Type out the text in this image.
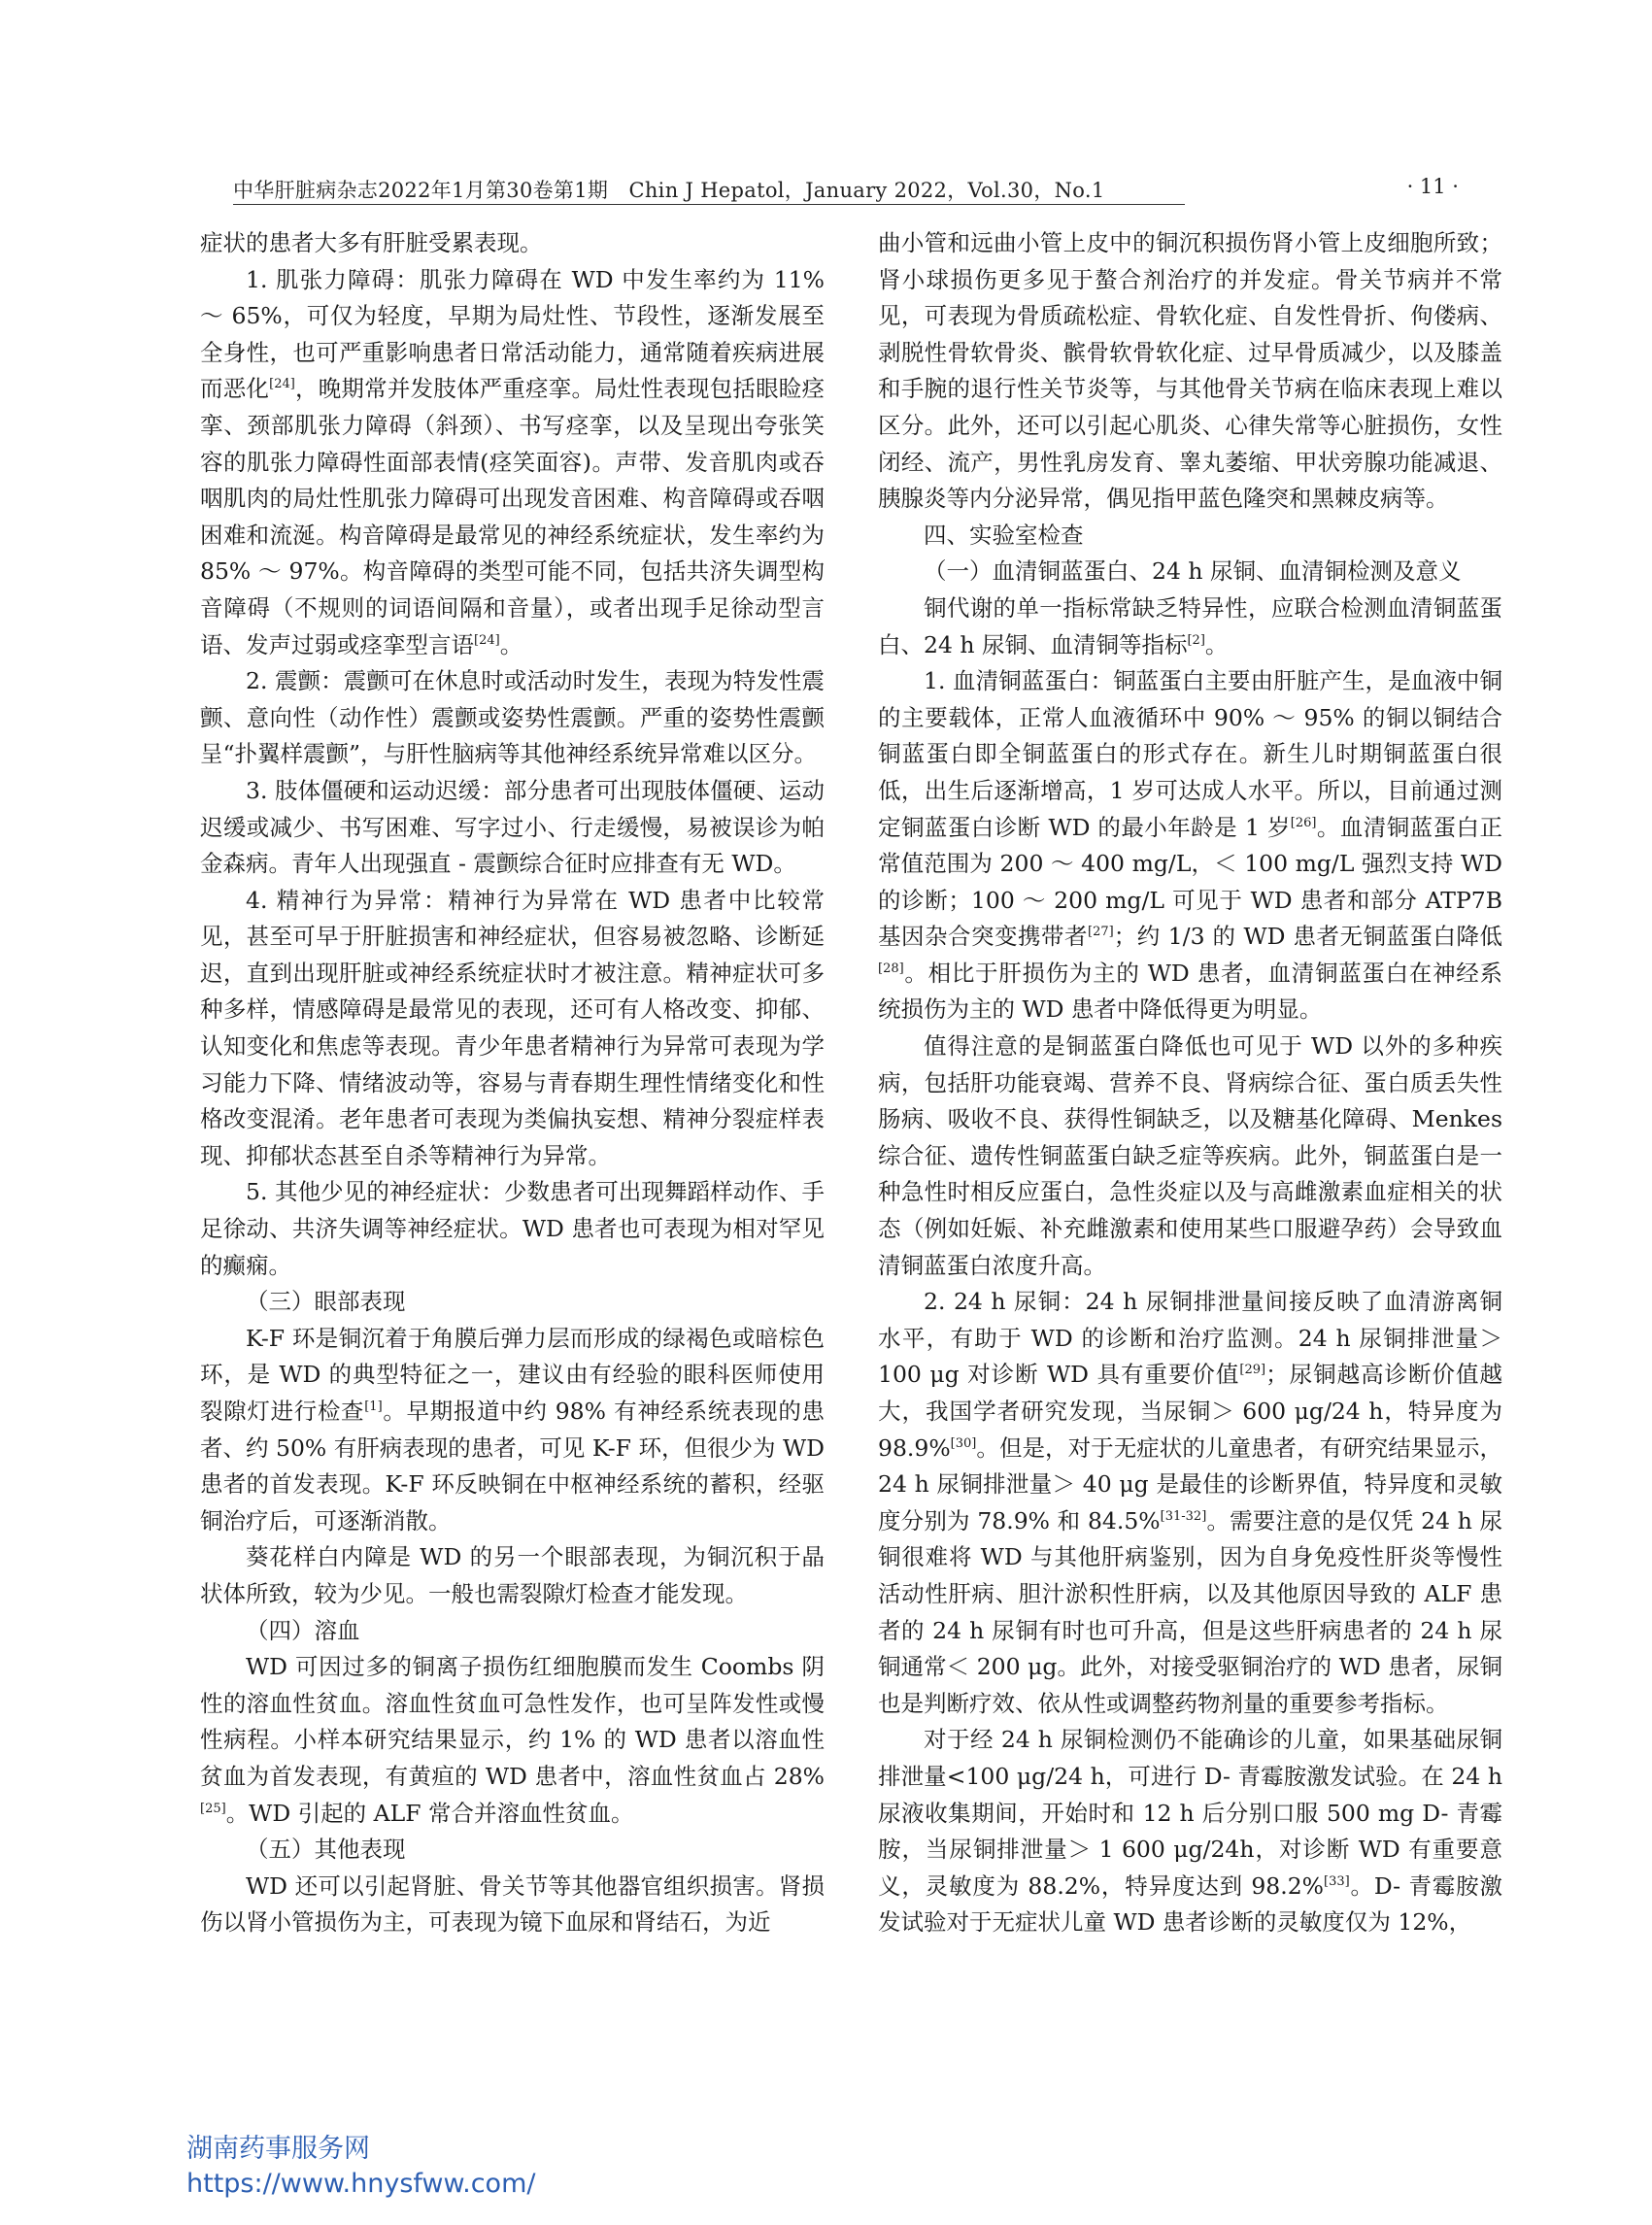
中华肝脏病杂志2022年1月第30卷第1期　Chin J Hepatol，January 2022，Vol.30，No.1	· 11 ·

症状的患者大多有肝脏受累表现。

1. 肌张力障碍：肌张力障碍在 WD 中发生率约为 11% ～ 65%，可仅为轻度，早期为局灶性、节段性，逐渐发展至全身性，也可严重影响患者日常活动能力，通常随着疾病进展而恶化[24]，晚期常并发肢体严重痉挛。局灶性表现包括眼睑痉挛、颈部肌张力障碍（斜颈）、书写痉挛，以及呈现出夸张笑容的肌张力障碍性面部表情(痉笑面容)。声带、发音肌肉或吞咽肌肉的局灶性肌张力障碍可出现发音困难、构音障碍或吞咽困难和流涎。构音障碍是最常见的神经系统症状，发生率约为 85% ～ 97%。构音障碍的类型可能不同，包括共济失调型构音障碍（不规则的词语间隔和音量），或者出现手足徐动型言语、发声过弱或痉挛型言语[24]。

2. 震颤：震颤可在休息时或活动时发生，表现为特发性震颤、意向性（动作性）震颤或姿势性震颤。严重的姿势性震颤呈“扑翼样震颤”，与肝性脑病等其他神经系统异常难以区分。

3. 肢体僵硬和运动迟缓：部分患者可出现肢体僵硬、运动迟缓或减少、书写困难、写字过小、行走缓慢，易被误诊为帕金森病。青年人出现强直 - 震颤综合征时应排查有无 WD。

4. 精神行为异常：精神行为异常在 WD 患者中比较常见，甚至可早于肝脏损害和神经症状，但容易被忽略、诊断延迟，直到出现肝脏或神经系统症状时才被注意。精神症状可多种多样，情感障碍是最常见的表现，还可有人格改变、抑郁、认知变化和焦虑等表现。青少年患者精神行为异常可表现为学习能力下降、情绪波动等，容易与青春期生理性情绪变化和性格改变混淆。老年患者可表现为类偏执妄想、精神分裂症样表现、抑郁状态甚至自杀等精神行为异常。

5. 其他少见的神经症状：少数患者可出现舞蹈样动作、手足徐动、共济失调等神经症状。WD 患者也可表现为相对罕见的癫痫。

（三）眼部表现

K-F 环是铜沉着于角膜后弹力层而形成的绿褐色或暗棕色环，是 WD 的典型特征之一，建议由有经验的眼科医师使用裂隙灯进行检查[1]。早期报道中约 98% 有神经系统表现的患者、约 50% 有肝病表现的患者，可见 K-F 环，但很少为 WD 患者的首发表现。K-F 环反映铜在中枢神经系统的蓄积，经驱铜治疗后，可逐渐消散。

葵花样白内障是 WD 的另一个眼部表现，为铜沉积于晶状体所致，较为少见。一般也需裂隙灯检查才能发现。

（四）溶血

WD 可因过多的铜离子损伤红细胞膜而发生 Coombs 阴性的溶血性贫血。溶血性贫血可急性发作，也可呈阵发性或慢性病程。小样本研究结果显示，约 1% 的 WD 患者以溶血性贫血为首发表现，有黄疸的 WD 患者中，溶血性贫血占 28%[25]。WD 引起的 ALF 常合并溶血性贫血。

（五）其他表现

WD 还可以引起肾脏、骨关节等其他器官组织损害。肾损伤以肾小管损伤为主，可表现为镜下血尿和肾结石，为近

曲小管和远曲小管上皮中的铜沉积损伤肾小管上皮细胞所致；肾小球损伤更多见于螯合剂治疗的并发症。骨关节病并不常见，可表现为骨质疏松症、骨软化症、自发性骨折、佝偻病、剥脱性骨软骨炎、髌骨软骨软化症、过早骨质减少，以及膝盖和手腕的退行性关节炎等，与其他骨关节病在临床表现上难以区分。此外，还可以引起心肌炎、心律失常等心脏损伤，女性闭经、流产，男性乳房发育、睾丸萎缩、甲状旁腺功能减退、胰腺炎等内分泌异常，偶见指甲蓝色隆突和黑棘皮病等。

四、实验室检查

（一）血清铜蓝蛋白、24 h 尿铜、血清铜检测及意义

铜代谢的单一指标常缺乏特异性，应联合检测血清铜蓝蛋白、24 h 尿铜、血清铜等指标[2]。

1. 血清铜蓝蛋白：铜蓝蛋白主要由肝脏产生，是血液中铜的主要载体，正常人血液循环中 90% ～ 95% 的铜以铜结合铜蓝蛋白即全铜蓝蛋白的形式存在。新生儿时期铜蓝蛋白很低，出生后逐渐增高，1 岁可达成人水平。所以，目前通过测定铜蓝蛋白诊断 WD 的最小年龄是 1 岁[26]。血清铜蓝蛋白正常值范围为 200 ～ 400 mg/L，＜ 100 mg/L 强烈支持 WD 的诊断；100 ～ 200 mg/L 可见于 WD 患者和部分 ATP7B 基因杂合突变携带者[27]；约 1/3 的 WD 患者无铜蓝蛋白降低[28]。相比于肝损伤为主的 WD 患者，血清铜蓝蛋白在神经系统损伤为主的 WD 患者中降低得更为明显。

值得注意的是铜蓝蛋白降低也可见于 WD 以外的多种疾病，包括肝功能衰竭、营养不良、肾病综合征、蛋白质丢失性肠病、吸收不良、获得性铜缺乏，以及糖基化障碍、Menkes 综合征、遗传性铜蓝蛋白缺乏症等疾病。此外，铜蓝蛋白是一种急性时相反应蛋白，急性炎症以及与高雌激素血症相关的状态（例如妊娠、补充雌激素和使用某些口服避孕药）会导致血清铜蓝蛋白浓度升高。

2. 24 h 尿铜：24 h 尿铜排泄量间接反映了血清游离铜水平，有助于 WD 的诊断和治疗监测。24 h 尿铜排泄量＞ 100 μg 对诊断 WD 具有重要价值[29]；尿铜越高诊断价值越大，我国学者研究发现，当尿铜＞ 600 μg/24 h，特异度为 98.9%[30]。但是，对于无症状的儿童患者，有研究结果显示，24 h 尿铜排泄量＞ 40 μg 是最佳的诊断界值，特异度和灵敏度分别为 78.9% 和 84.5%[31-32]。需要注意的是仅凭 24 h 尿铜很难将 WD 与其他肝病鉴别，因为自身免疫性肝炎等慢性活动性肝病、胆汁淤积性肝病，以及其他原因导致的 ALF 患者的 24 h 尿铜有时也可升高，但是这些肝病患者的 24 h 尿铜通常＜ 200 μg。此外，对接受驱铜治疗的 WD 患者，尿铜也是判断疗效、依从性或调整药物剂量的重要参考指标。

对于经 24 h 尿铜检测仍不能确诊的儿童，如果基础尿铜排泄量<100 μg/24 h，可进行 D- 青霉胺激发试验。在 24 h 尿液收集期间，开始时和 12 h 后分别口服 500 mg D- 青霉胺，当尿铜排泄量＞ 1 600 μg/24h，对诊断 WD 有重要意义，灵敏度为 88.2%，特异度达到 98.2%[33]。D- 青霉胺激发试验对于无症状儿童 WD 患者诊断的灵敏度仅为 12%，

湖南药事服务网
https://www.hnysfww.com/
